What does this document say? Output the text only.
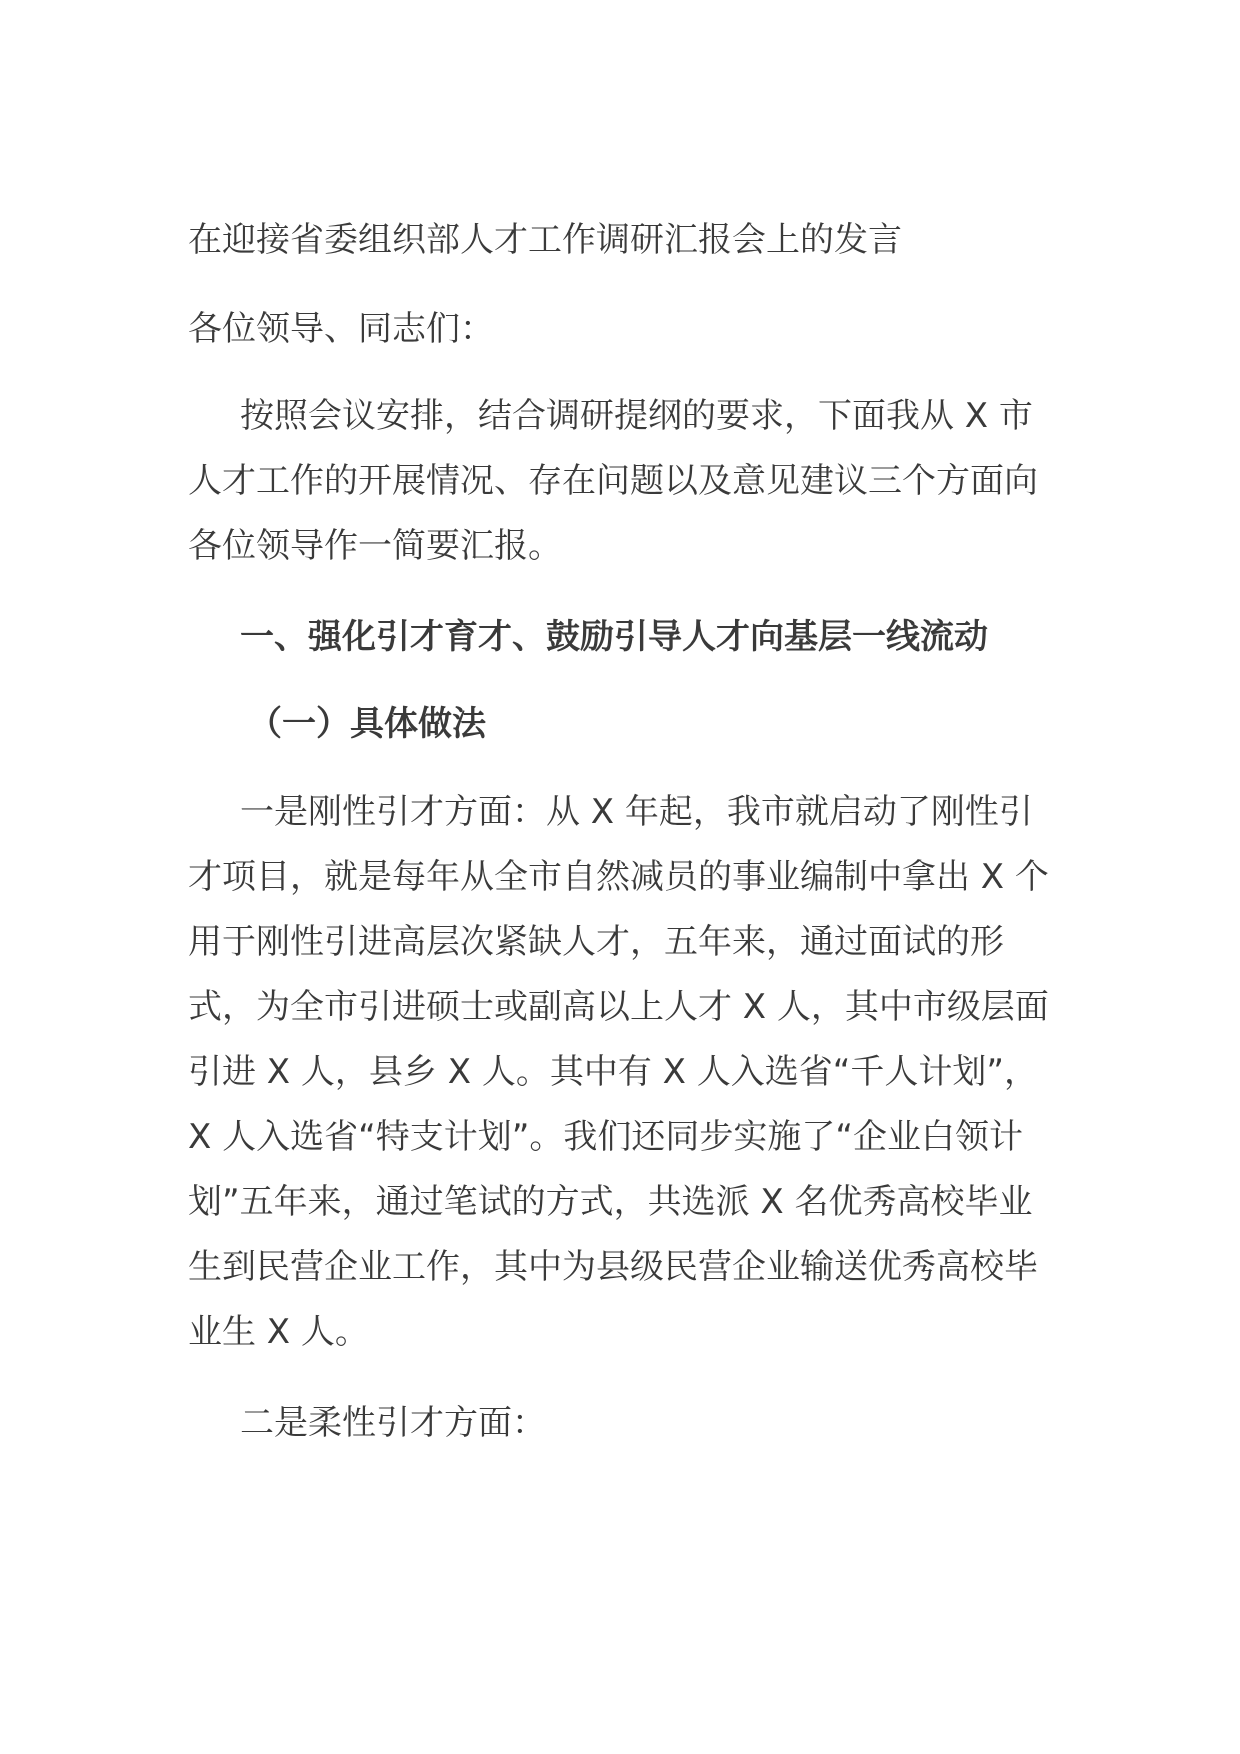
在迎接省委组织部人才工作调研汇报会上的发言

各位领导、同志们：

按照会议安排，结合调研提纲的要求，下面我从 X 市人才工作的开展情况、存在问题以及意见建议三个方面向各位领导作一简要汇报。

一、强化引才育才、鼓励引导人才向基层一线流动

（一）具体做法

一是刚性引才方面：从 X 年起，我市就启动了刚性引才项目，就是每年从全市自然减员的事业编制中拿出 X 个用于刚性引进高层次紧缺人才，五年来，通过面试的形式，为全市引进硕士或副高以上人才 X 人，其中市级层面引进 X 人，县乡 X 人。其中有 X 人入选省“千人计划”，X 人入选省“特支计划”。我们还同步实施了“企业白领计划”五年来，通过笔试的方式，共选派 X 名优秀高校毕业生到民营企业工作，其中为县级民营企业输送优秀高校毕业生 X 人。

二是柔性引才方面：
